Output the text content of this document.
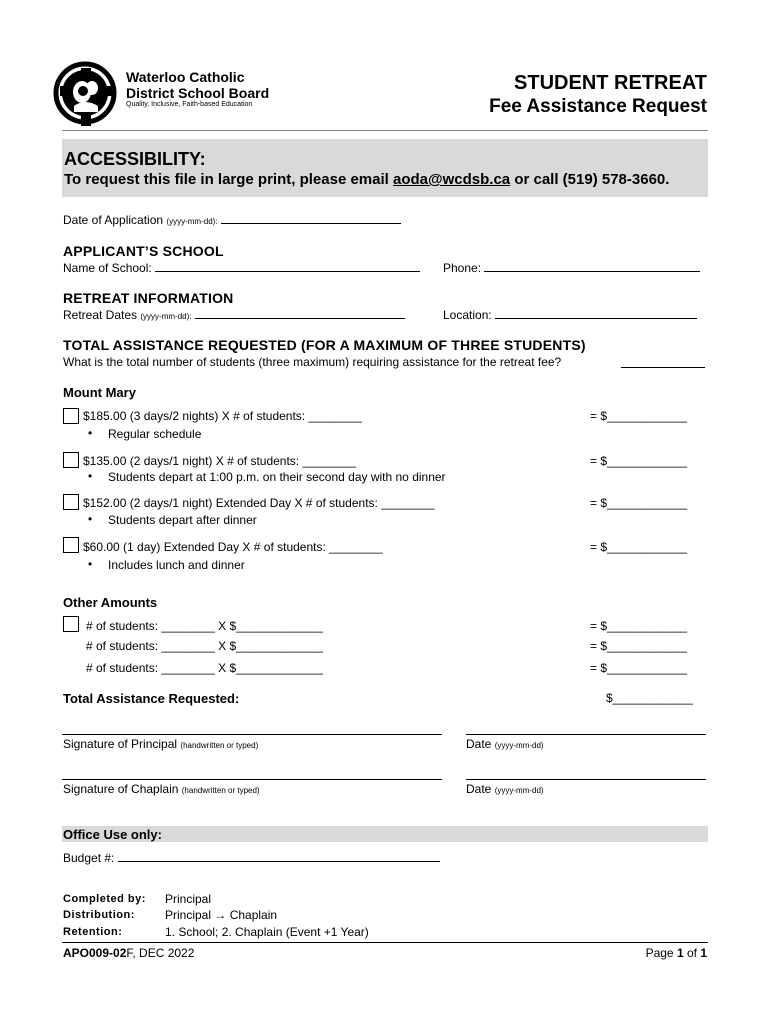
Waterloo Catholic
District School Board
Quality, Inclusive, Faith-based Education
STUDENT RETREAT
Fee Assistance Request
ACCESSIBILITY:
To request this file in large print, please email aoda@wcdsb.ca or call (519) 578-3660.
Date of Application (yyyy-mm-dd):
APPLICANT’S SCHOOL
Name of School:	Phone:
RETREAT INFORMATION
Retreat Dates (yyyy-mm-dd):	Location:
TOTAL ASSISTANCE REQUESTED (FOR A MAXIMUM OF THREE STUDENTS)
What is the total number of students (three maximum) requiring assistance for the retreat fee?
Mount Mary
$185.00 (3 days/2 nights) X # of students: ________	= $____________
• Regular schedule
$135.00 (2 days/1 night) X # of students: ________	= $____________
• Students depart at 1:00 p.m. on their second day with no dinner
$152.00 (2 days/1 night) Extended Day X # of students: ________	= $____________
• Students depart after dinner
$60.00 (1 day) Extended Day X # of students: ________	= $____________
• Includes lunch and dinner
Other Amounts
# of students: ________ X $_____________	= $____________
# of students: ________ X $_____________	= $____________
# of students: ________ X $_____________	= $____________
Total Assistance Requested:	$____________
Signature of Principal (handwritten or typed)	Date (yyyy-mm-dd)
Signature of Chaplain (handwritten or typed)	Date (yyyy-mm-dd)
Office Use only:
Budget #:
Completed by: Principal
Distribution:	Principal → Chaplain
Retention:	1. School; 2. Chaplain (Event +1 Year)
APO009-02F, DEC 2022	Page 1 of 1
